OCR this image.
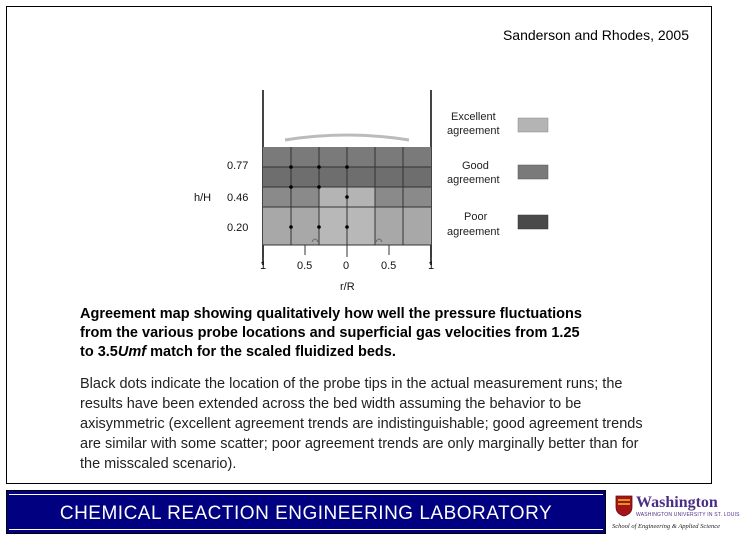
Sanderson and Rhodes, 2005
0.77
0.46
0.20
h/H
1	0.5	0	0.5	1
r/R
Excellent
agreement
Good
agreement
Poor
agreement
Agreement map showing qualitatively how well the pressure fluctuations
from the various probe locations and superficial gas velocities from 1.25
to 3.5Umf match for the scaled fluidized beds.
Black dots indicate the location of the probe tips in the actual measurement runs; the results have been extended across the bed width assuming the behavior to be axisymmetric (excellent agreement trends are indistinguishable; good agreement trends are similar with some scatter; poor agreement trends are only marginally better than for the misscaled scenario).
CHEMICAL REACTION ENGINEERING LABORATORY
Washington
WASHINGTON UNIVERSITY IN ST. LOUIS
School of Engineering & Applied Science
